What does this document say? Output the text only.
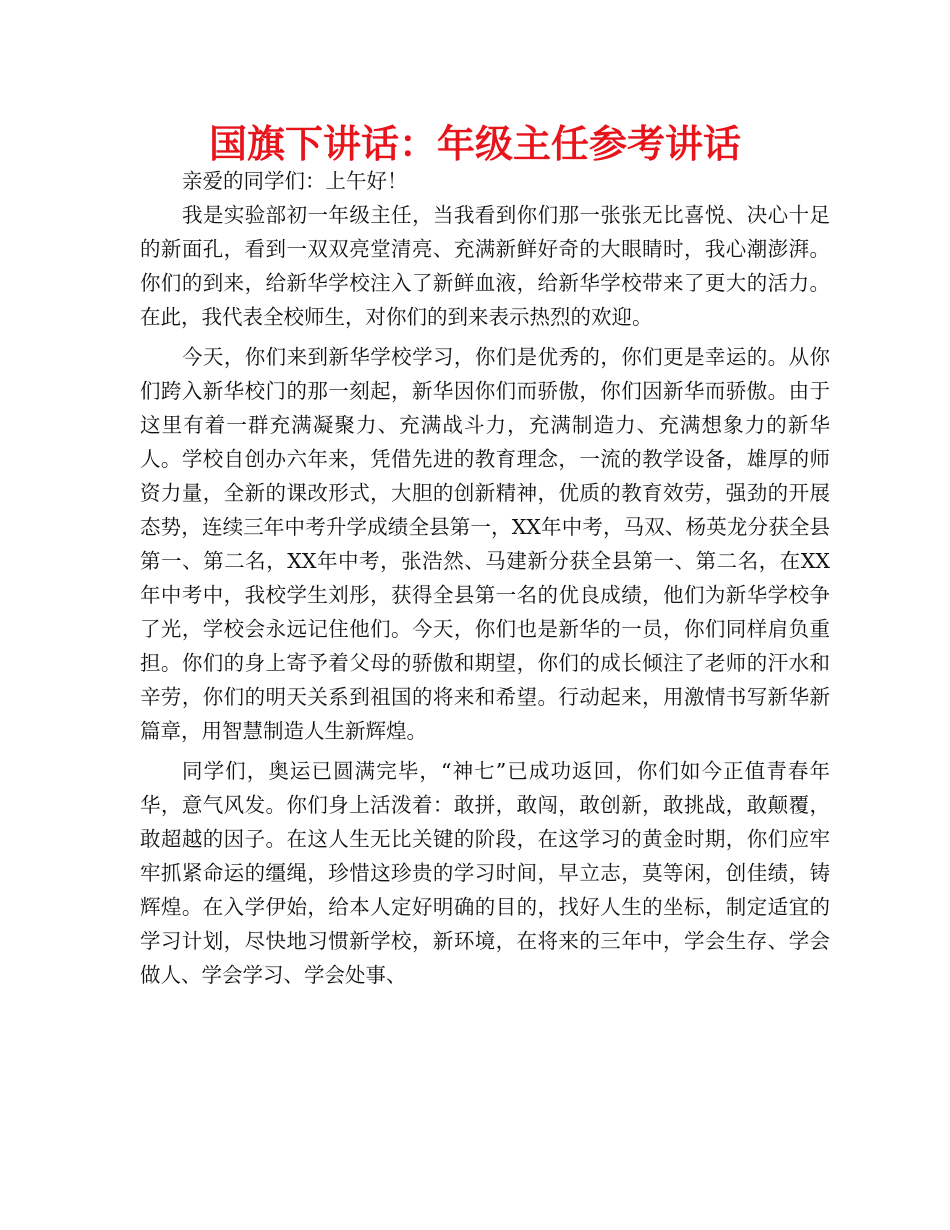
国旗下讲话：年级主任参考讲话

亲爱的同学们：上午好！

我是实验部初一年级主任，当我看到你们那一张张无比喜悦、决心十足的新面孔，看到一双双亮堂清亮、充满新鲜好奇的大眼睛时，我心潮澎湃。你们的到来，给新华学校注入了新鲜血液，给新华学校带来了更大的活力。在此，我代表全校师生，对你们的到来表示热烈的欢迎。

今天，你们来到新华学校学习，你们是优秀的，你们更是幸运的。从你们跨入新华校门的那一刻起，新华因你们而骄傲，你们因新华而骄傲。由于这里有着一群充满凝聚力、充满战斗力，充满制造力、充满想象力的新华人。学校自创办六年来，凭借先进的教育理念，一流的教学设备，雄厚的师资力量，全新的课改形式，大胆的创新精神，优质的教育效劳，强劲的开展态势，连续三年中考升学成绩全县第一，XX年中考，马双、杨英龙分获全县第一、第二名，XX年中考，张浩然、马建新分获全县第一、第二名，在XX年中考中，我校学生刘彤，获得全县第一名的优良成绩，他们为新华学校争了光，学校会永远记住他们。今天，你们也是新华的一员，你们同样肩负重担。你们的身上寄予着父母的骄傲和期望，你们的成长倾注了老师的汗水和辛劳，你们的明天关系到祖国的将来和希望。行动起来，用激情书写新华新篇章，用智慧制造人生新辉煌。

同学们，奥运已圆满完毕，“神七”已成功返回，你们如今正值青春年华，意气风发。你们身上活泼着：敢拼，敢闯，敢创新，敢挑战，敢颠覆，敢超越的因子。在这人生无比关键的阶段，在这学习的黄金时期，你们应牢牢抓紧命运的缰绳，珍惜这珍贵的学习时间，早立志，莫等闲，创佳绩，铸辉煌。在入学伊始，给本人定好明确的目的，找好人生的坐标，制定适宜的学习计划，尽快地习惯新学校，新环境，在将来的三年中，学会生存、学会做人、学会学习、学会处事、
